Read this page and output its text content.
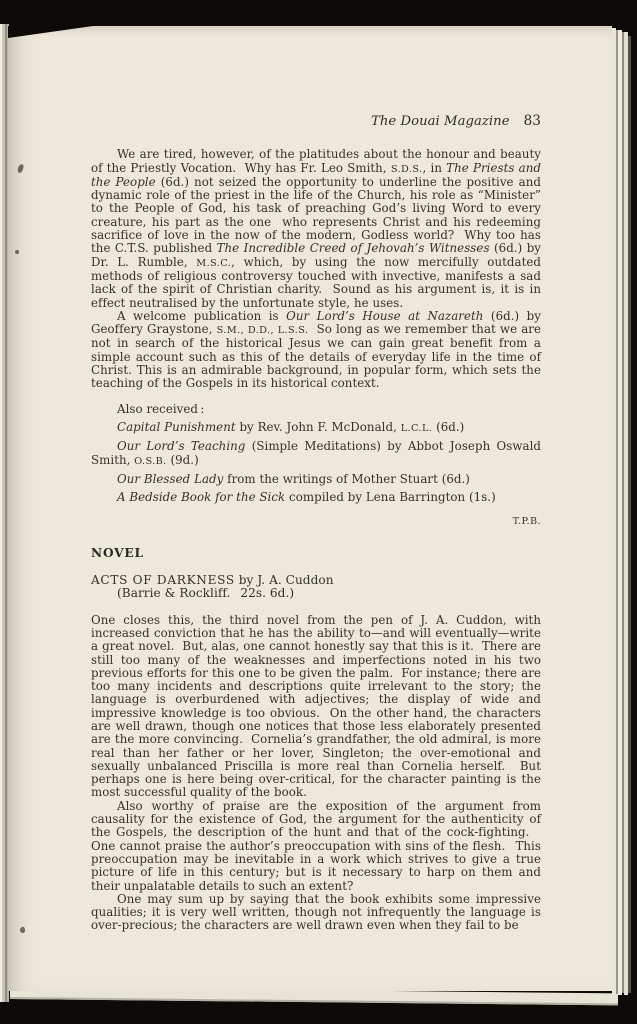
The Douai Magazine 83
We are tired, however, of the platitudes about the honour and beauty of the Priestly Vocation.  Why has Fr. Leo Smith, S.D.S., in The Priests and the People (6d.) not seized the opportunity to underline the positive and dynamic role of the priest in the life of the Church, his role as “Minister” to the People of God, his task of preaching God’s living Word to every creature, his part as the one  who represents Christ and his redeeming sacrifice of love in the now of the modern, Godless world?  Why too has the C.T.S. published The Incredible Creed of Jehovah’s Witnesses (6d.) by Dr. L. Rumble, M.S.C., which, by using the now mercifully outdated methods of religious controversy touched with invective, manifests a sad lack of the spirit of Christian charity.  Sound as his argument is, it is in effect neutralised by the unfortunate style, he uses.
A welcome publication is Our Lord’s House at Nazareth (6d.) by Geoffery Graystone, S.M., D.D., L.S.S.  So long as we remember that we are not in search of the historical Jesus we can gain great benefit from a simple account such as this of the details of everyday life in the time of Christ. This is an admirable background, in popular form, which sets the teaching of the Gospels in its historical context.
Also received :
Capital Punishment by Rev. John F. McDonald, L.C.L. (6d.)
Our Lord’s Teaching (Simple Meditations) by Abbot Joseph Oswald Smith, O.S.B. (9d.)
Our Blessed Lady from the writings of Mother Stuart (6d.)
A Bedside Book for the Sick compiled by Lena Barrington (1s.)
T.P.B.
NOVEL
ACTS OF DARKNESS by J. A. Cuddon
(Barrie & Rockliff.  22s. 6d.)
One closes this, the third novel from the pen of J. A. Cuddon, with increased conviction that he has the ability to—and will eventually—write a great novel.  But, alas, one cannot honestly say that this is it.  There are still too many of the weaknesses and imperfections noted in his two previous efforts for this one to be given the palm.  For instance; there are too many incidents and descriptions quite irrelevant to the story; the language is overburdened with adjectives; the display of wide and impressive knowledge is too obvious.  On the other hand, the characters are well drawn, though one notices that those less elaborately presented are the more convincing.  Cornelia’s grandfather, the old admiral, is more real than her father or her lover, Singleton; the over-emotional and sexually unbalanced Priscilla is more real than Cornelia herself.  But perhaps one is here being over-critical, for the character painting is the most successful quality of the book.
Also worthy of praise are the exposition of the argument from causality for the existence of God, the argument for the authenticity of the Gospels, the description of the hunt and that of the cock-fighting.  One cannot praise the author’s preoccupation with sins of the flesh.  This preoccupation may be inevitable in a work which strives to give a true picture of life in this century; but is it necessary to harp on them and their unpalatable details to such an extent?
One may sum up by saying that the book exhibits some impressive qualities; it is very well written, though not infrequently the language is over-precious; the characters are well drawn even when they fail to be
